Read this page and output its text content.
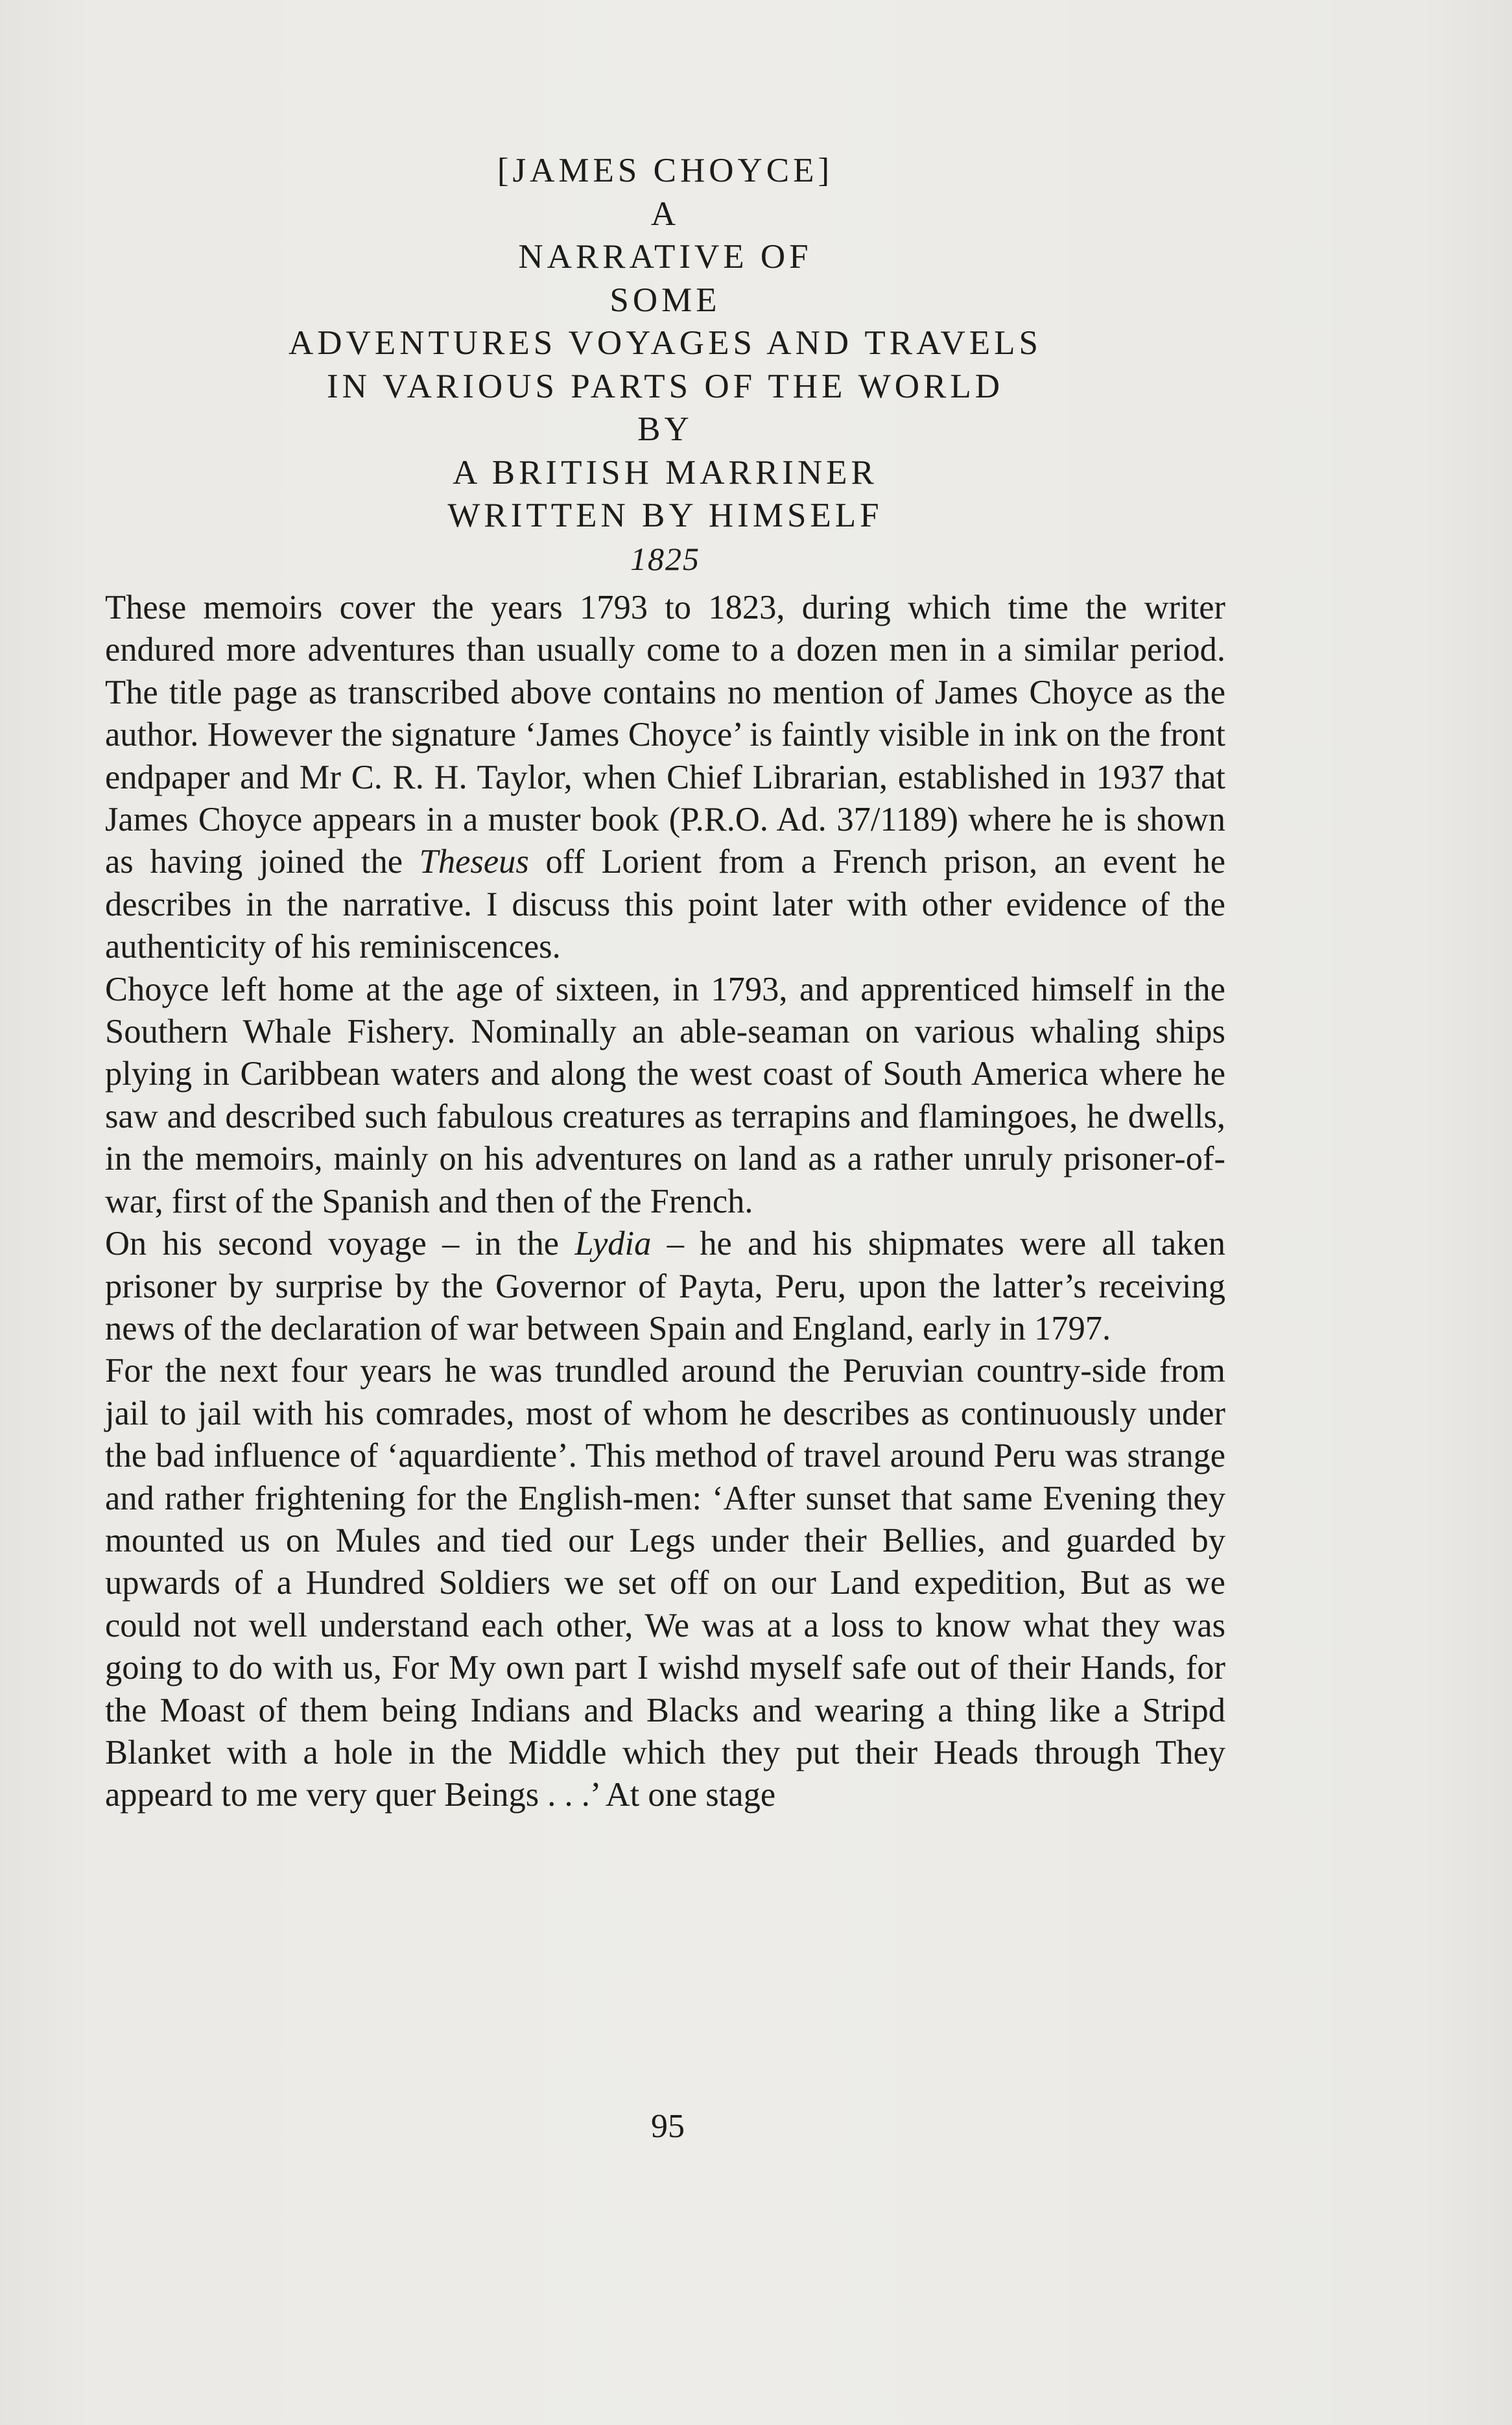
[JAMES CHOYCE]
A
NARRATIVE OF
SOME
ADVENTURES VOYAGES AND TRAVELS
IN VARIOUS PARTS OF THE WORLD
BY
A BRITISH MARRINER
WRITTEN BY HIMSELF
1825

These memoirs cover the years 1793 to 1823, during which time the writer endured more adventures than usually come to a dozen men in a similar period. The title page as transcribed above contains no mention of James Choyce as the author. However the signature ‘James Choyce’ is faintly visible in ink on the front endpaper and Mr C. R. H. Taylor, when Chief Librarian, established in 1937 that James Choyce appears in a muster book (P.R.O. Ad. 37/1189) where he is shown as having joined the Theseus off Lorient from a French prison, an event he describes in the narrative. I discuss this point later with other evidence of the authenticity of his reminiscences.

Choyce left home at the age of sixteen, in 1793, and apprenticed himself in the Southern Whale Fishery. Nominally an able-seaman on various whaling ships plying in Caribbean waters and along the west coast of South America where he saw and described such fabulous creatures as terrapins and flamingoes, he dwells, in the memoirs, mainly on his adventures on land as a rather unruly prisoner-of-war, first of the Spanish and then of the French.

On his second voyage – in the Lydia – he and his shipmates were all taken prisoner by surprise by the Governor of Payta, Peru, upon the latter’s receiving news of the declaration of war between Spain and England, early in 1797.

For the next four years he was trundled around the Peruvian country-side from jail to jail with his comrades, most of whom he describes as continuously under the bad influence of ‘aquardiente’. This method of travel around Peru was strange and rather frightening for the English-men: ‘After sunset that same Evening they mounted us on Mules and tied our Legs under their Bellies, and guarded by upwards of a Hundred Soldiers we set off on our Land expedition, But as we could not well understand each other, We was at a loss to know what they was going to do with us, For My own part I wishd myself safe out of their Hands, for the Moast of them being Indians and Blacks and wearing a thing like a Stripd Blanket with a hole in the Middle which they put their Heads through They appeard to me very quer Beings . . .’ At one stage

95
